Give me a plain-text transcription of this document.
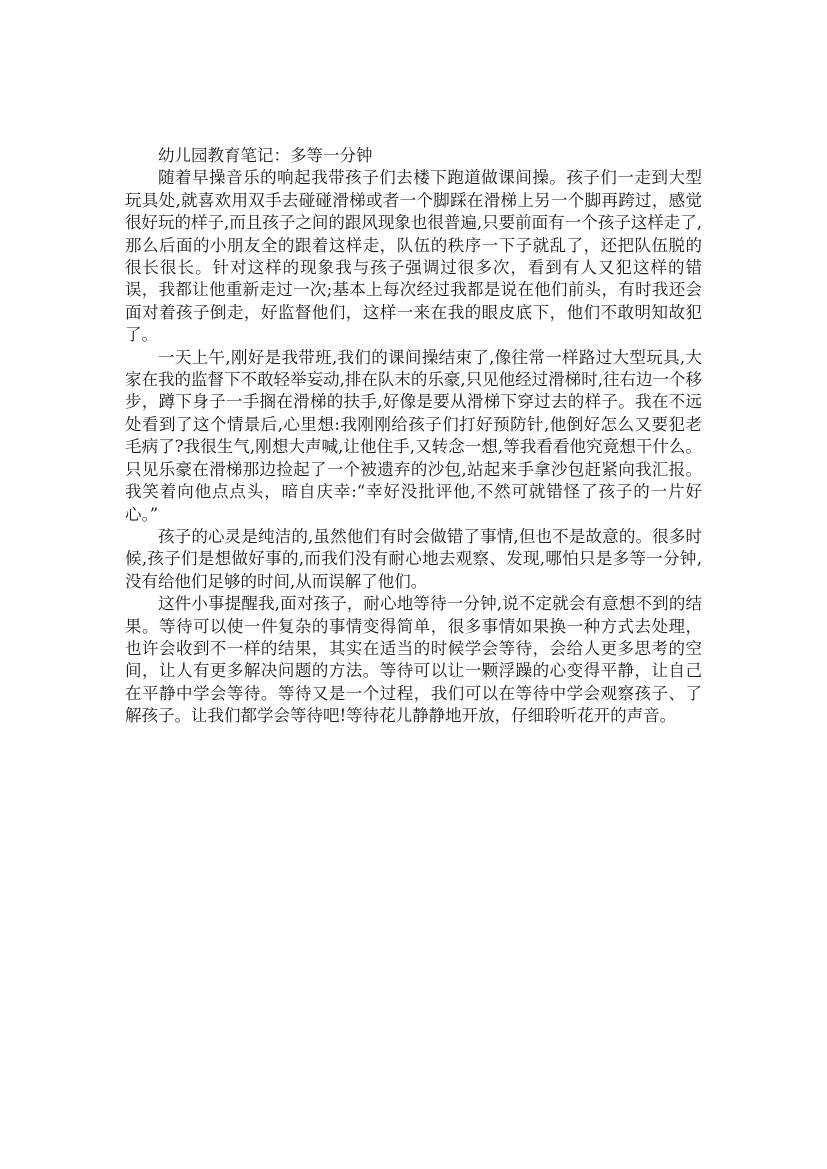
幼儿园教育笔记：多等一分钟

随着早操音乐的响起我带孩子们去楼下跑道做课间操。孩子们一走到大型玩具处,就喜欢用双手去碰碰滑梯或者一个脚踩在滑梯上另一个脚再跨过，感觉很好玩的样子,而且孩子之间的跟风现象也很普遍,只要前面有一个孩子这样走了,那么后面的小朋友全的跟着这样走，队伍的秩序一下子就乱了，还把队伍脱的很长很长。针对这样的现象我与孩子强调过很多次，看到有人又犯这样的错误，我都让他重新走过一次;基本上每次经过我都是说在他们前头，有时我还会面对着孩子倒走，好监督他们，这样一来在我的眼皮底下，他们不敢明知故犯了。

一天上午,刚好是我带班,我们的课间操结束了,像往常一样路过大型玩具,大家在我的监督下不敢轻举妄动,排在队末的乐豪,只见他经过滑梯时,往右边一个移步，蹲下身子一手搁在滑梯的扶手,好像是要从滑梯下穿过去的样子。我在不远处看到了这个情景后,心里想:我刚刚给孩子们打好预防针,他倒好怎么又要犯老毛病了?我很生气,刚想大声喊,让他住手,又转念一想,等我看看他究竟想干什么。只见乐豪在滑梯那边捡起了一个被遗弃的沙包,站起来手拿沙包赶紧向我汇报。我笑着向他点点头，暗自庆幸:“幸好没批评他,不然可就错怪了孩子的一片好心。”

孩子的心灵是纯洁的,虽然他们有时会做错了事情,但也不是故意的。很多时候,孩子们是想做好事的,而我们没有耐心地去观察、发现,哪怕只是多等一分钟,没有给他们足够的时间,从而误解了他们。

这件小事提醒我,面对孩子，耐心地等待一分钟,说不定就会有意想不到的结果。等待可以使一件复杂的事情变得简单，很多事情如果换一种方式去处理，也许会收到不一样的结果，其实在适当的时候学会等待，会给人更多思考的空间，让人有更多解决问题的方法。等待可以让一颗浮躁的心变得平静，让自己在平静中学会等待。等待又是一个过程，我们可以在等待中学会观察孩子、了解孩子。让我们都学会等待吧!等待花儿静静地开放，仔细聆听花开的声音。
